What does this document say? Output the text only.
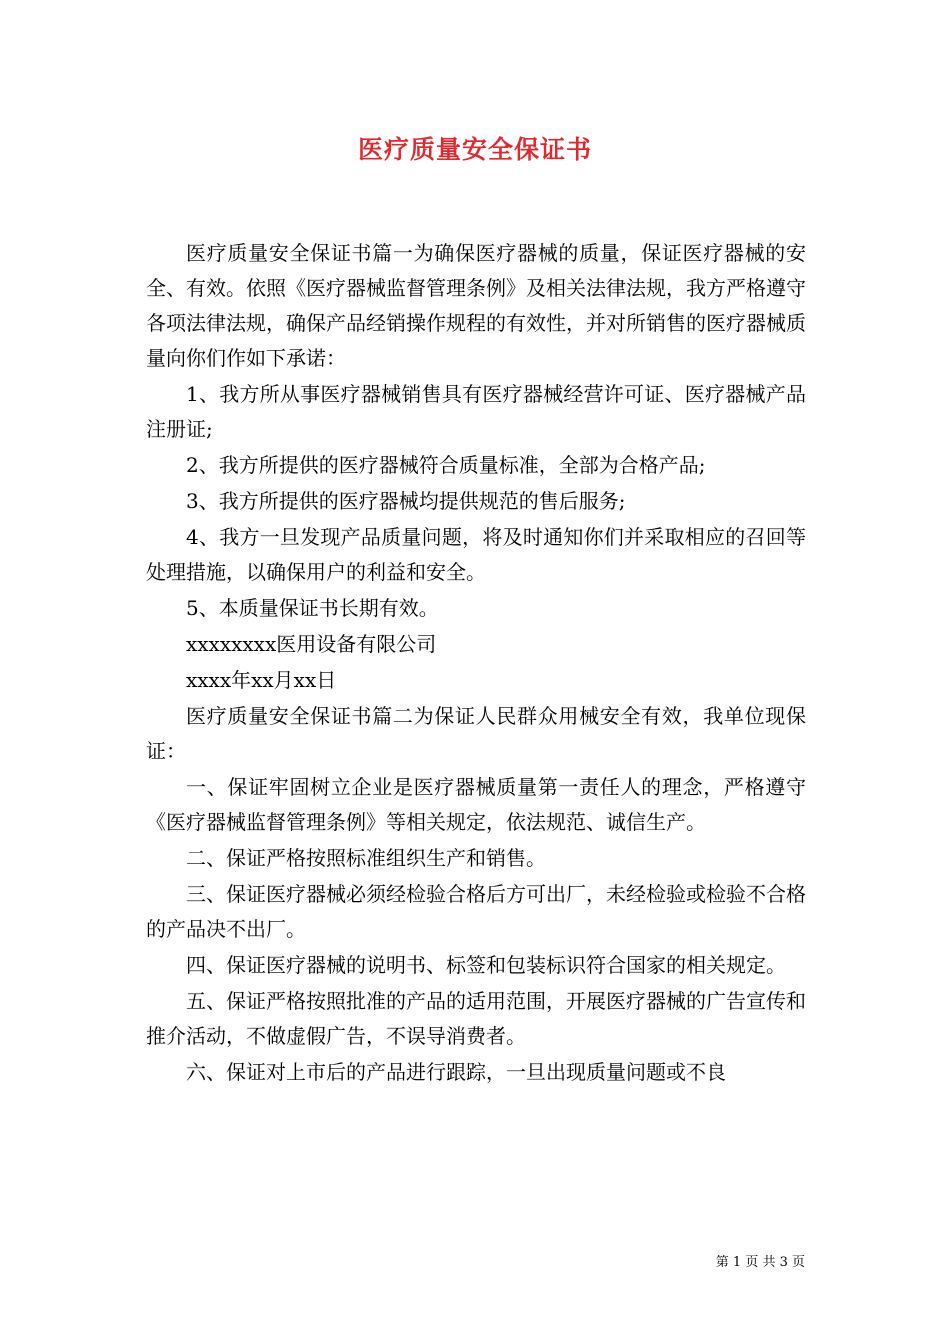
医疗质量安全保证书

医疗质量安全保证书篇一为确保医疗器械的质量，保证医疗器械的安全、有效。依照《医疗器械监督管理条例》及相关法律法规，我方严格遵守各项法律法规，确保产品经销操作规程的有效性，并对所销售的医疗器械质量向你们作如下承诺：

1、我方所从事医疗器械销售具有医疗器械经营许可证、医疗器械产品注册证;

2、我方所提供的医疗器械符合质量标准，全部为合格产品;

3、我方所提供的医疗器械均提供规范的售后服务;

4、我方一旦发现产品质量问题，将及时通知你们并采取相应的召回等处理措施，以确保用户的利益和安全。

5、本质量保证书长期有效。

xxxxxxxx医用设备有限公司

xxxx年xx月xx日

医疗质量安全保证书篇二为保证人民群众用械安全有效，我单位现保证：

一、保证牢固树立企业是医疗器械质量第一责任人的理念，严格遵守《医疗器械监督管理条例》等相关规定，依法规范、诚信生产。

二、保证严格按照标准组织生产和销售。

三、保证医疗器械必须经检验合格后方可出厂，未经检验或检验不合格的产品决不出厂。

四、保证医疗器械的说明书、标签和包装标识符合国家的相关规定。

五、保证严格按照批准的产品的适用范围，开展医疗器械的广告宣传和推介活动，不做虚假广告，不误导消费者。

六、保证对上市后的产品进行跟踪，一旦出现质量问题或不良

第 1 页 共 3 页
